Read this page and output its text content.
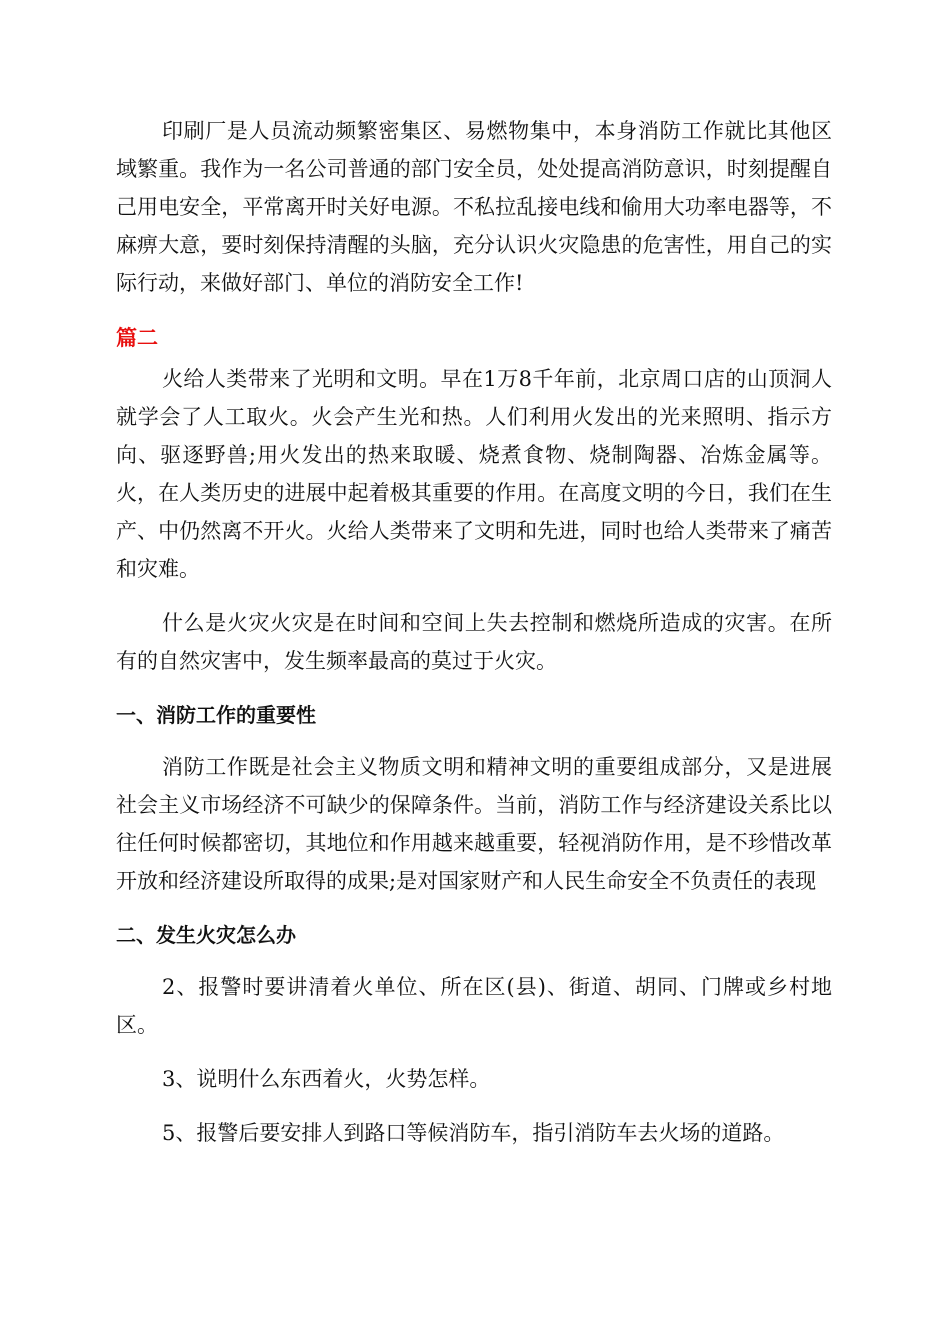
印刷厂是人员流动频繁密集区、易燃物集中，本身消防工作就比其他区域繁重。我作为一名公司普通的部门安全员，处处提高消防意识，时刻提醒自己用电安全，平常离开时关好电源。不私拉乱接电线和偷用大功率电器等，不麻痹大意，要时刻保持清醒的头脑，充分认识火灾隐患的危害性，用自己的实际行动，来做好部门、单位的消防安全工作!

篇二

火给人类带来了光明和文明。早在1万8千年前，北京周口店的山顶洞人就学会了人工取火。火会产生光和热。人们利用火发出的光来照明、指示方向、驱逐野兽;用火发出的热来取暖、烧煮食物、烧制陶器、冶炼金属等。火，在人类历史的进展中起着极其重要的作用。在高度文明的今日，我们在生产、中仍然离不开火。火给人类带来了文明和先进，同时也给人类带来了痛苦和灾难。

什么是火灾火灾是在时间和空间上失去控制和燃烧所造成的灾害。在所有的自然灾害中，发生频率最高的莫过于火灾。

一、消防工作的重要性

消防工作既是社会主义物质文明和精神文明的重要组成部分，又是进展社会主义市场经济不可缺少的保障条件。当前，消防工作与经济建设关系比以往任何时候都密切，其地位和作用越来越重要，轻视消防作用，是不珍惜改革开放和经济建设所取得的成果;是对国家财产和人民生命安全不负责任的表现

二、发生火灾怎么办

2、报警时要讲清着火单位、所在区(县)、街道、胡同、门牌或乡村地区。

3、说明什么东西着火，火势怎样。

5、报警后要安排人到路口等候消防车，指引消防车去火场的道路。
